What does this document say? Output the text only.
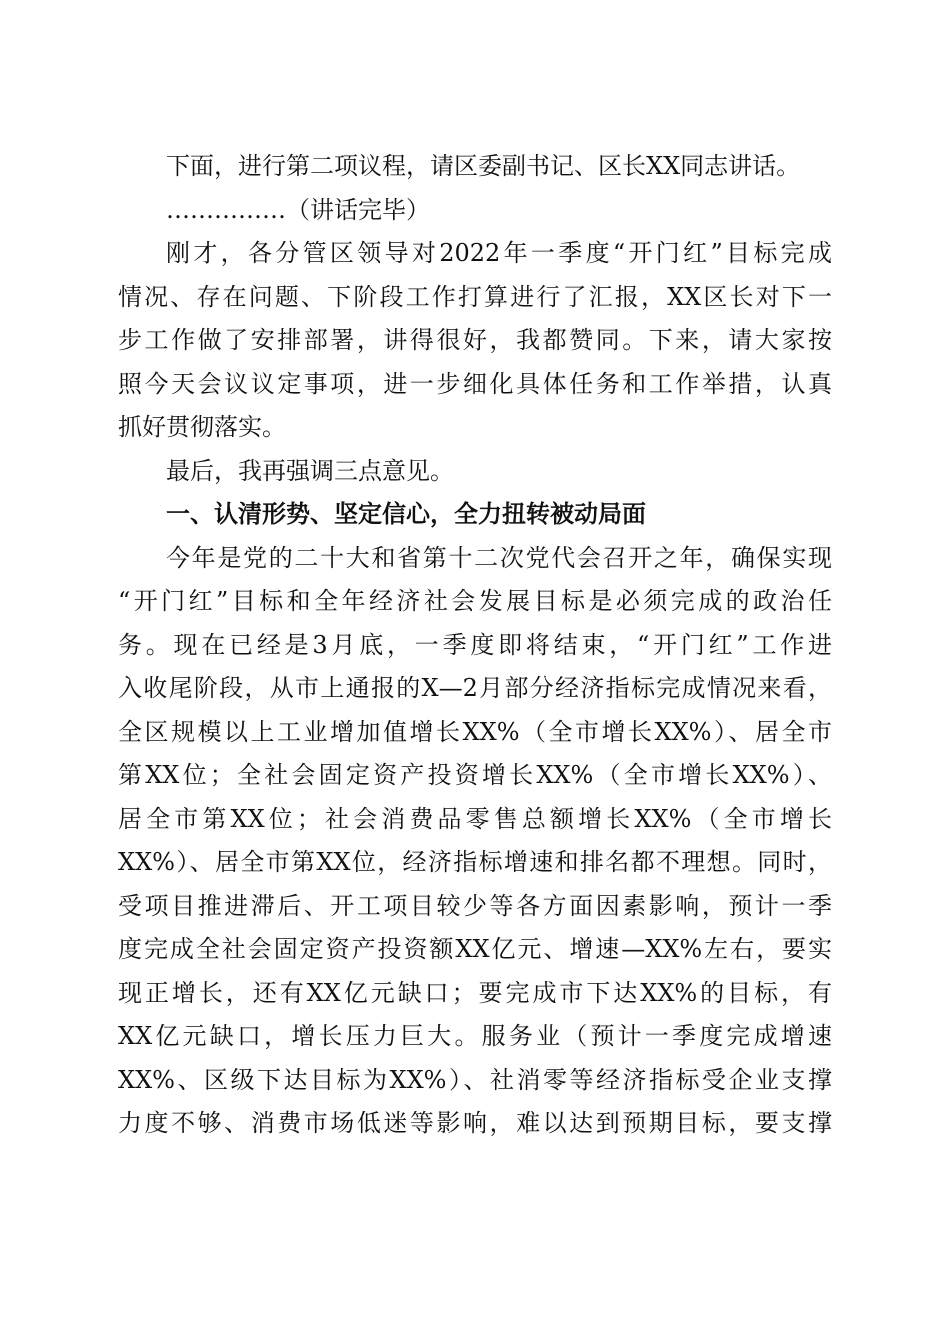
下面，进行第二项议程，请区委副书记、区长XX同志讲话。
……………（讲话完毕）
刚才，各分管区领导对2022年一季度“开门红”目标完成
情况、存在问题、下阶段工作打算进行了汇报，XX区长对下一
步工作做了安排部署，讲得很好，我都赞同。下来，请大家按
照今天会议议定事项，进一步细化具体任务和工作举措，认真
抓好贯彻落实。
最后，我再强调三点意见。
一、认清形势、坚定信心，全力扭转被动局面
今年是党的二十大和省第十二次党代会召开之年，确保实现
“开门红”目标和全年经济社会发展目标是必须完成的政治任
务。现在已经是3月底，一季度即将结束，“开门红”工作进
入收尾阶段，从市上通报的X—2月部分经济指标完成情况来看，
全区规模以上工业增加值增长XX%（全市增长XX%）、居全市
第XX位；全社会固定资产投资增长XX%（全市增长XX%）、
居全市第XX位；社会消费品零售总额增长XX%（全市增长
XX%）、居全市第XX位，经济指标增速和排名都不理想。同时，
受项目推进滞后、开工项目较少等各方面因素影响，预计一季
度完成全社会固定资产投资额XX亿元、增速—XX%左右，要实
现正增长，还有XX亿元缺口；要完成市下达XX%的目标，有
XX亿元缺口，增长压力巨大。服务业（预计一季度完成增速
XX%、区级下达目标为XX%）、社消零等经济指标受企业支撑
力度不够、消费市场低迷等影响，难以达到预期目标，要支撑
